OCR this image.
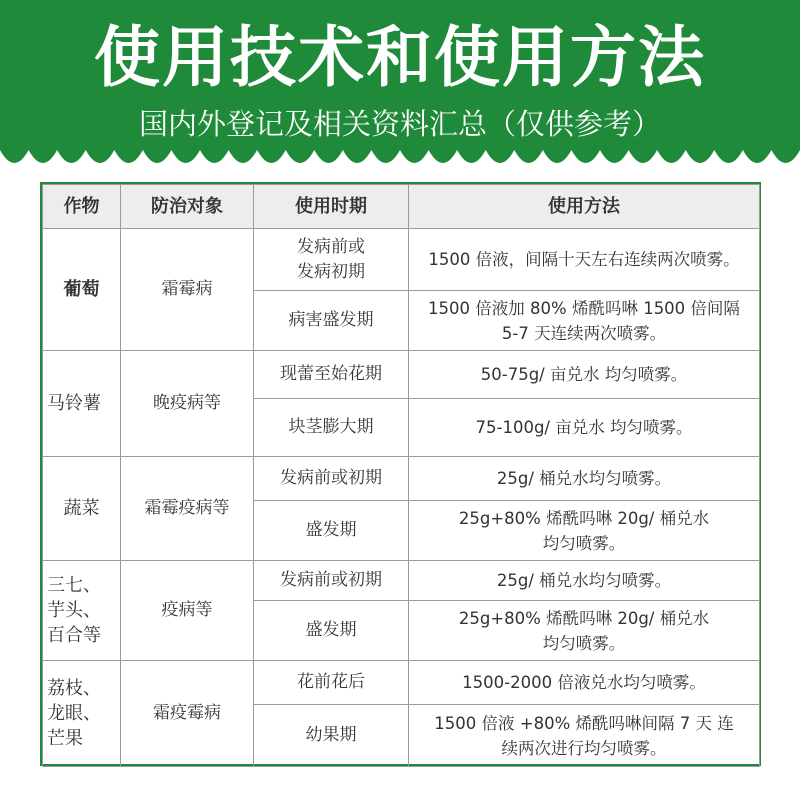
使用技术和使用方法
国内外登记及相关资料汇总（仅供参考）
作物	防治对象	使用时期	使用方法
葡萄	霜霉病	发病前或
发病初期	1500 倍液，间隔十天左右连续两次喷雾。
		病害盛发期	1500 倍液加 80% 烯酰吗啉 1500 倍间隔
5-7 天连续两次喷雾。
马铃薯	晚疫病等	现蕾至始花期	50-75g/ 亩兑水 均匀喷雾。
		块茎膨大期	75-100g/ 亩兑水 均匀喷雾。
蔬菜	霜霉疫病等	发病前或初期	25g/ 桶兑水均匀喷雾。
		盛发期	25g+80% 烯酰吗啉 20g/ 桶兑水
均匀喷雾。
三七、
芋头、
百合等	疫病等	发病前或初期	25g/ 桶兑水均匀喷雾。
		盛发期	25g+80% 烯酰吗啉 20g/ 桶兑水
均匀喷雾。
荔枝、
龙眼、
芒果	霜疫霉病	花前花后	1500-2000 倍液兑水均匀喷雾。
		幼果期	1500 倍液 +80% 烯酰吗啉间隔 7 天 连
续两次进行均匀喷雾。
